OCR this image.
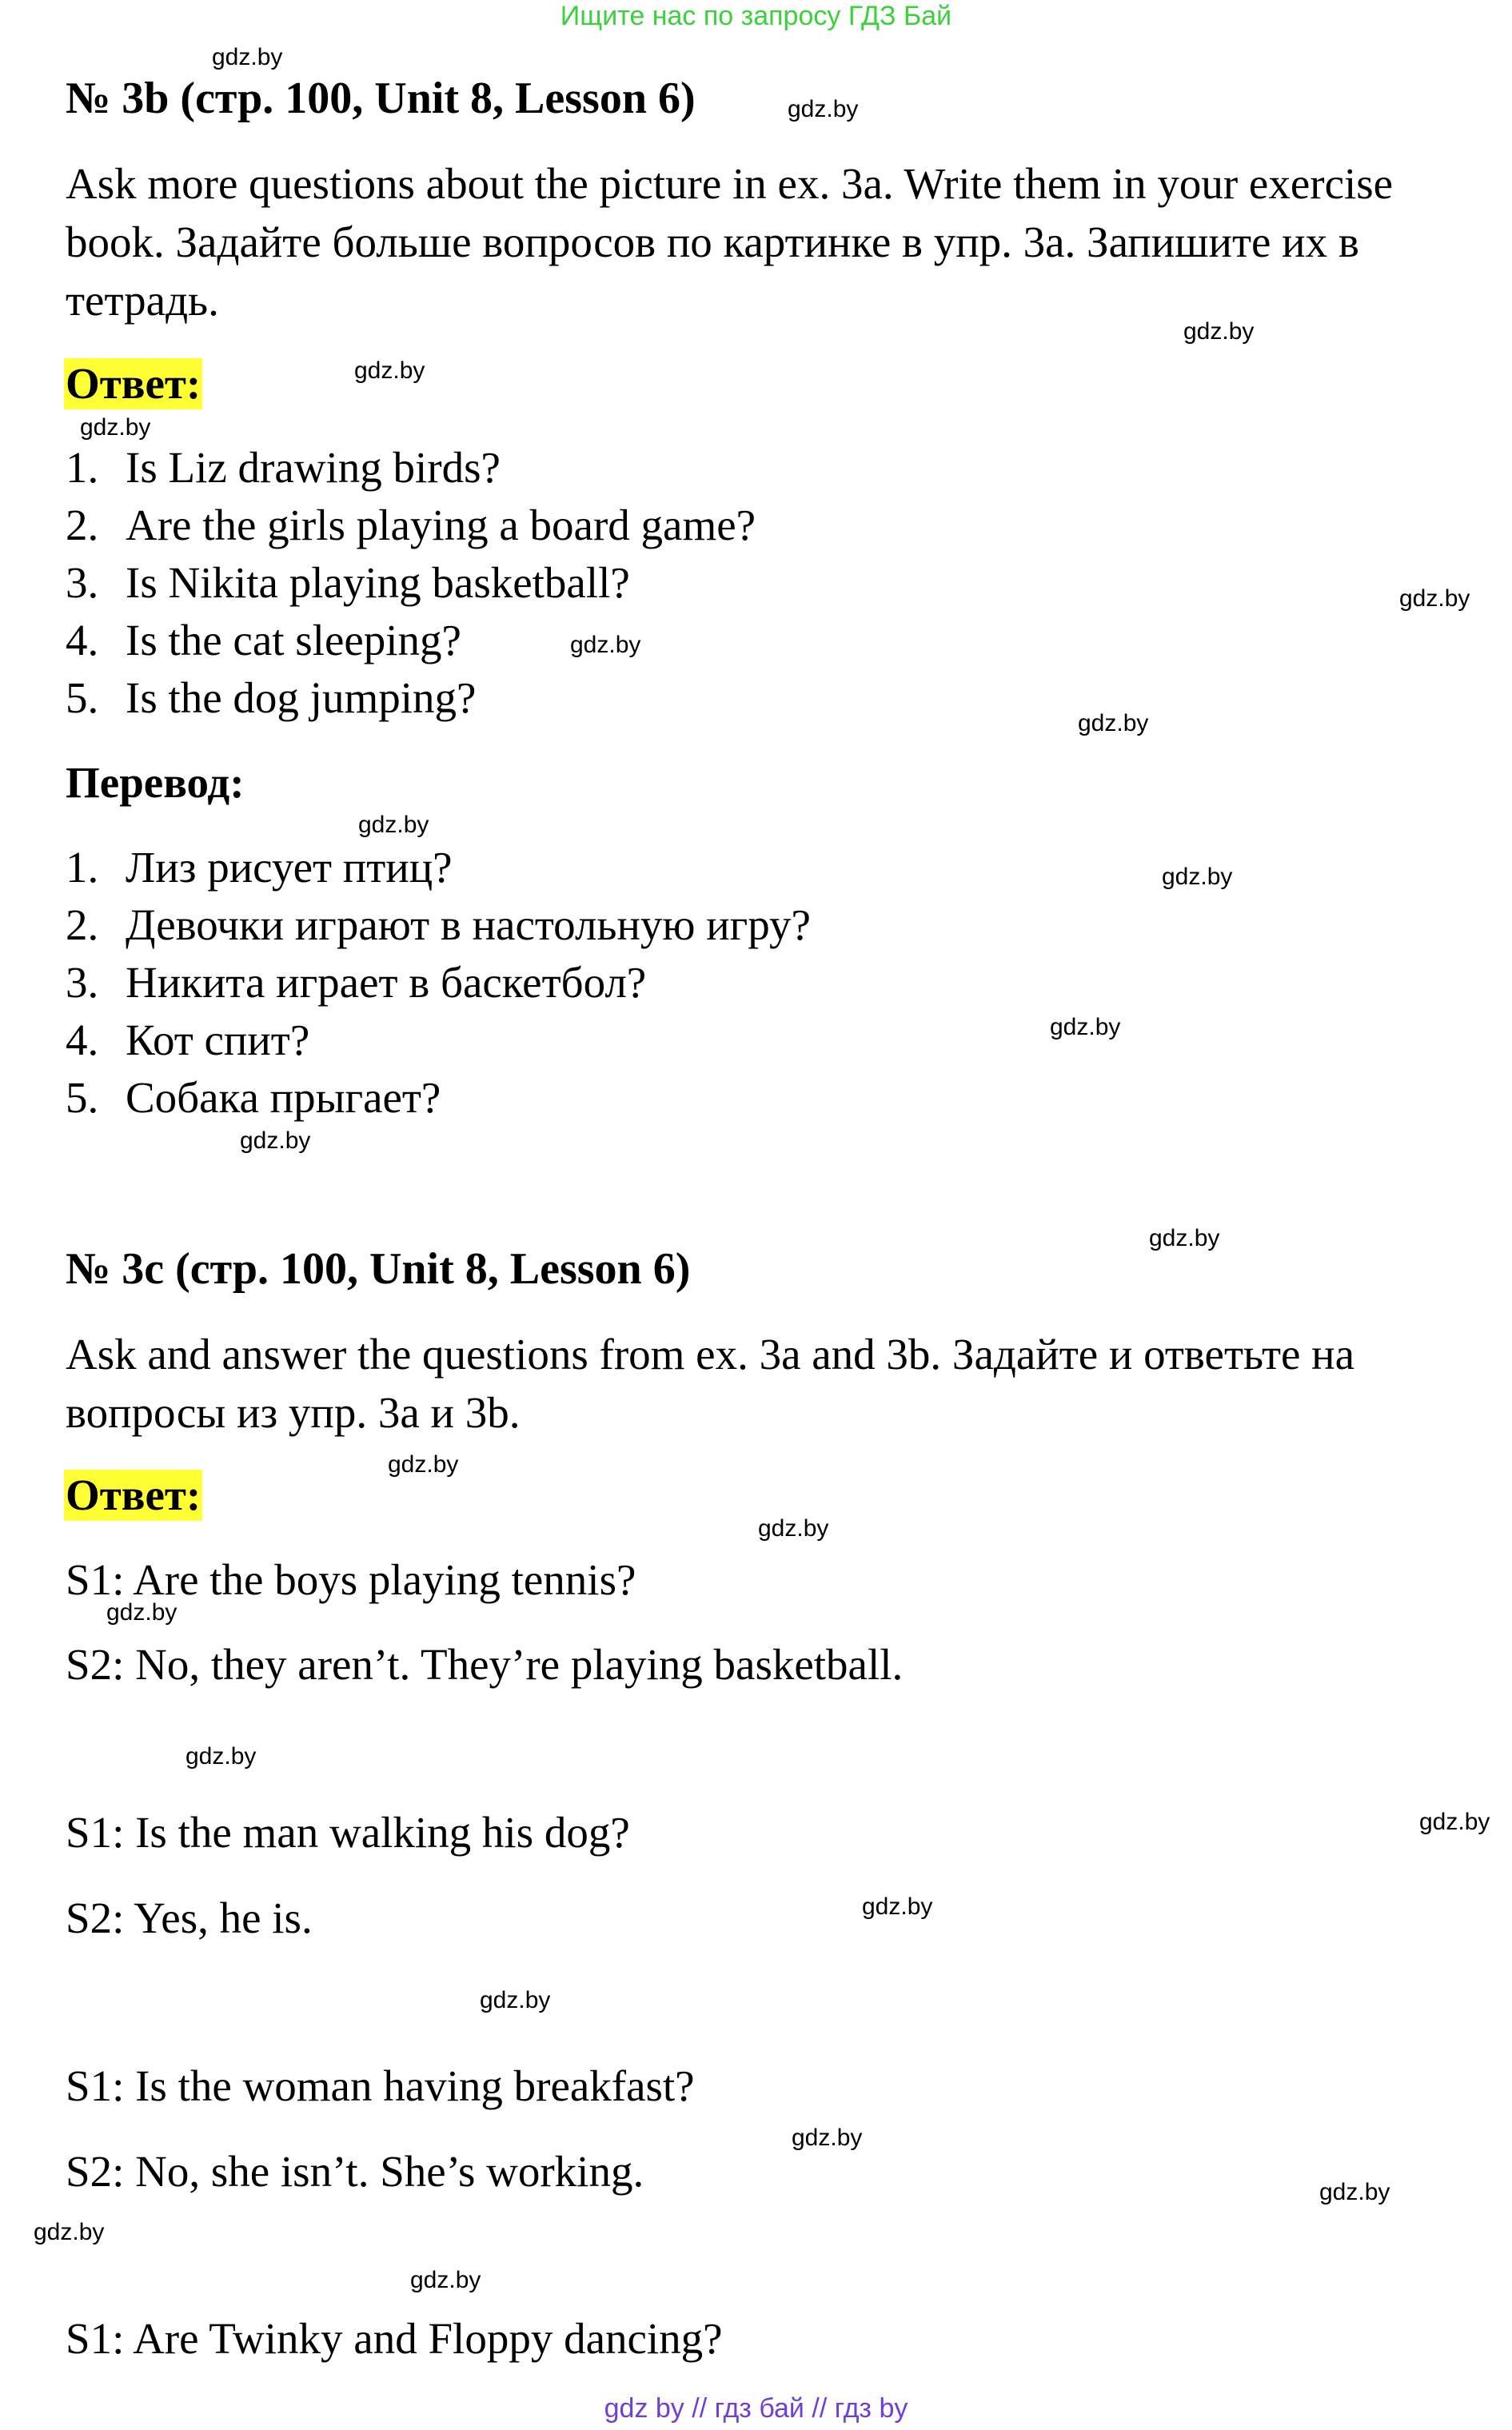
Ищите нас по запросу ГДЗ Бай
№ 3b (стр. 100, Unit 8, Lesson 6)
Ask more questions about the picture in ex. 3a. Write them in your exercise book. Задайте больше вопросов по картинке в упр. 3a. Запишите их в тетрадь.
Ответ:
1. Is Liz drawing birds?
2. Are the girls playing a board game?
3. Is Nikita playing basketball?
4. Is the cat sleeping?
5. Is the dog jumping?
Перевод:
1. Лиз рисует птиц?
2. Девочки играют в настольную игру?
3. Никита играет в баскетбол?
4. Кот спит?
5. Собака прыгает?
№ 3c (стр. 100, Unit 8, Lesson 6)
Ask and answer the questions from ex. 3a and 3b. Задайте и ответьте на вопросы из упр. 3a и 3b.
Ответ:
S1: Are the boys playing tennis?
S2: No, they aren’t. They’re playing basketball.
S1: Is the man walking his dog?
S2: Yes, he is.
S1: Is the woman having breakfast?
S2: No, she isn’t. She’s working.
S1: Are Twinky and Floppy dancing?
gdz.by
gdz.by
gdz.by
gdz.by
gdz.by
gdz.by
gdz.by
gdz.by
gdz.by
gdz.by
gdz.by
gdz.by
gdz.by
gdz.by
gdz.by
gdz.by
gdz.by
gdz.by
gdz.by
gdz.by
gdz.by
gdz.by
gdz.by
gdz.by
gdz by // гдз бай // гдз by
